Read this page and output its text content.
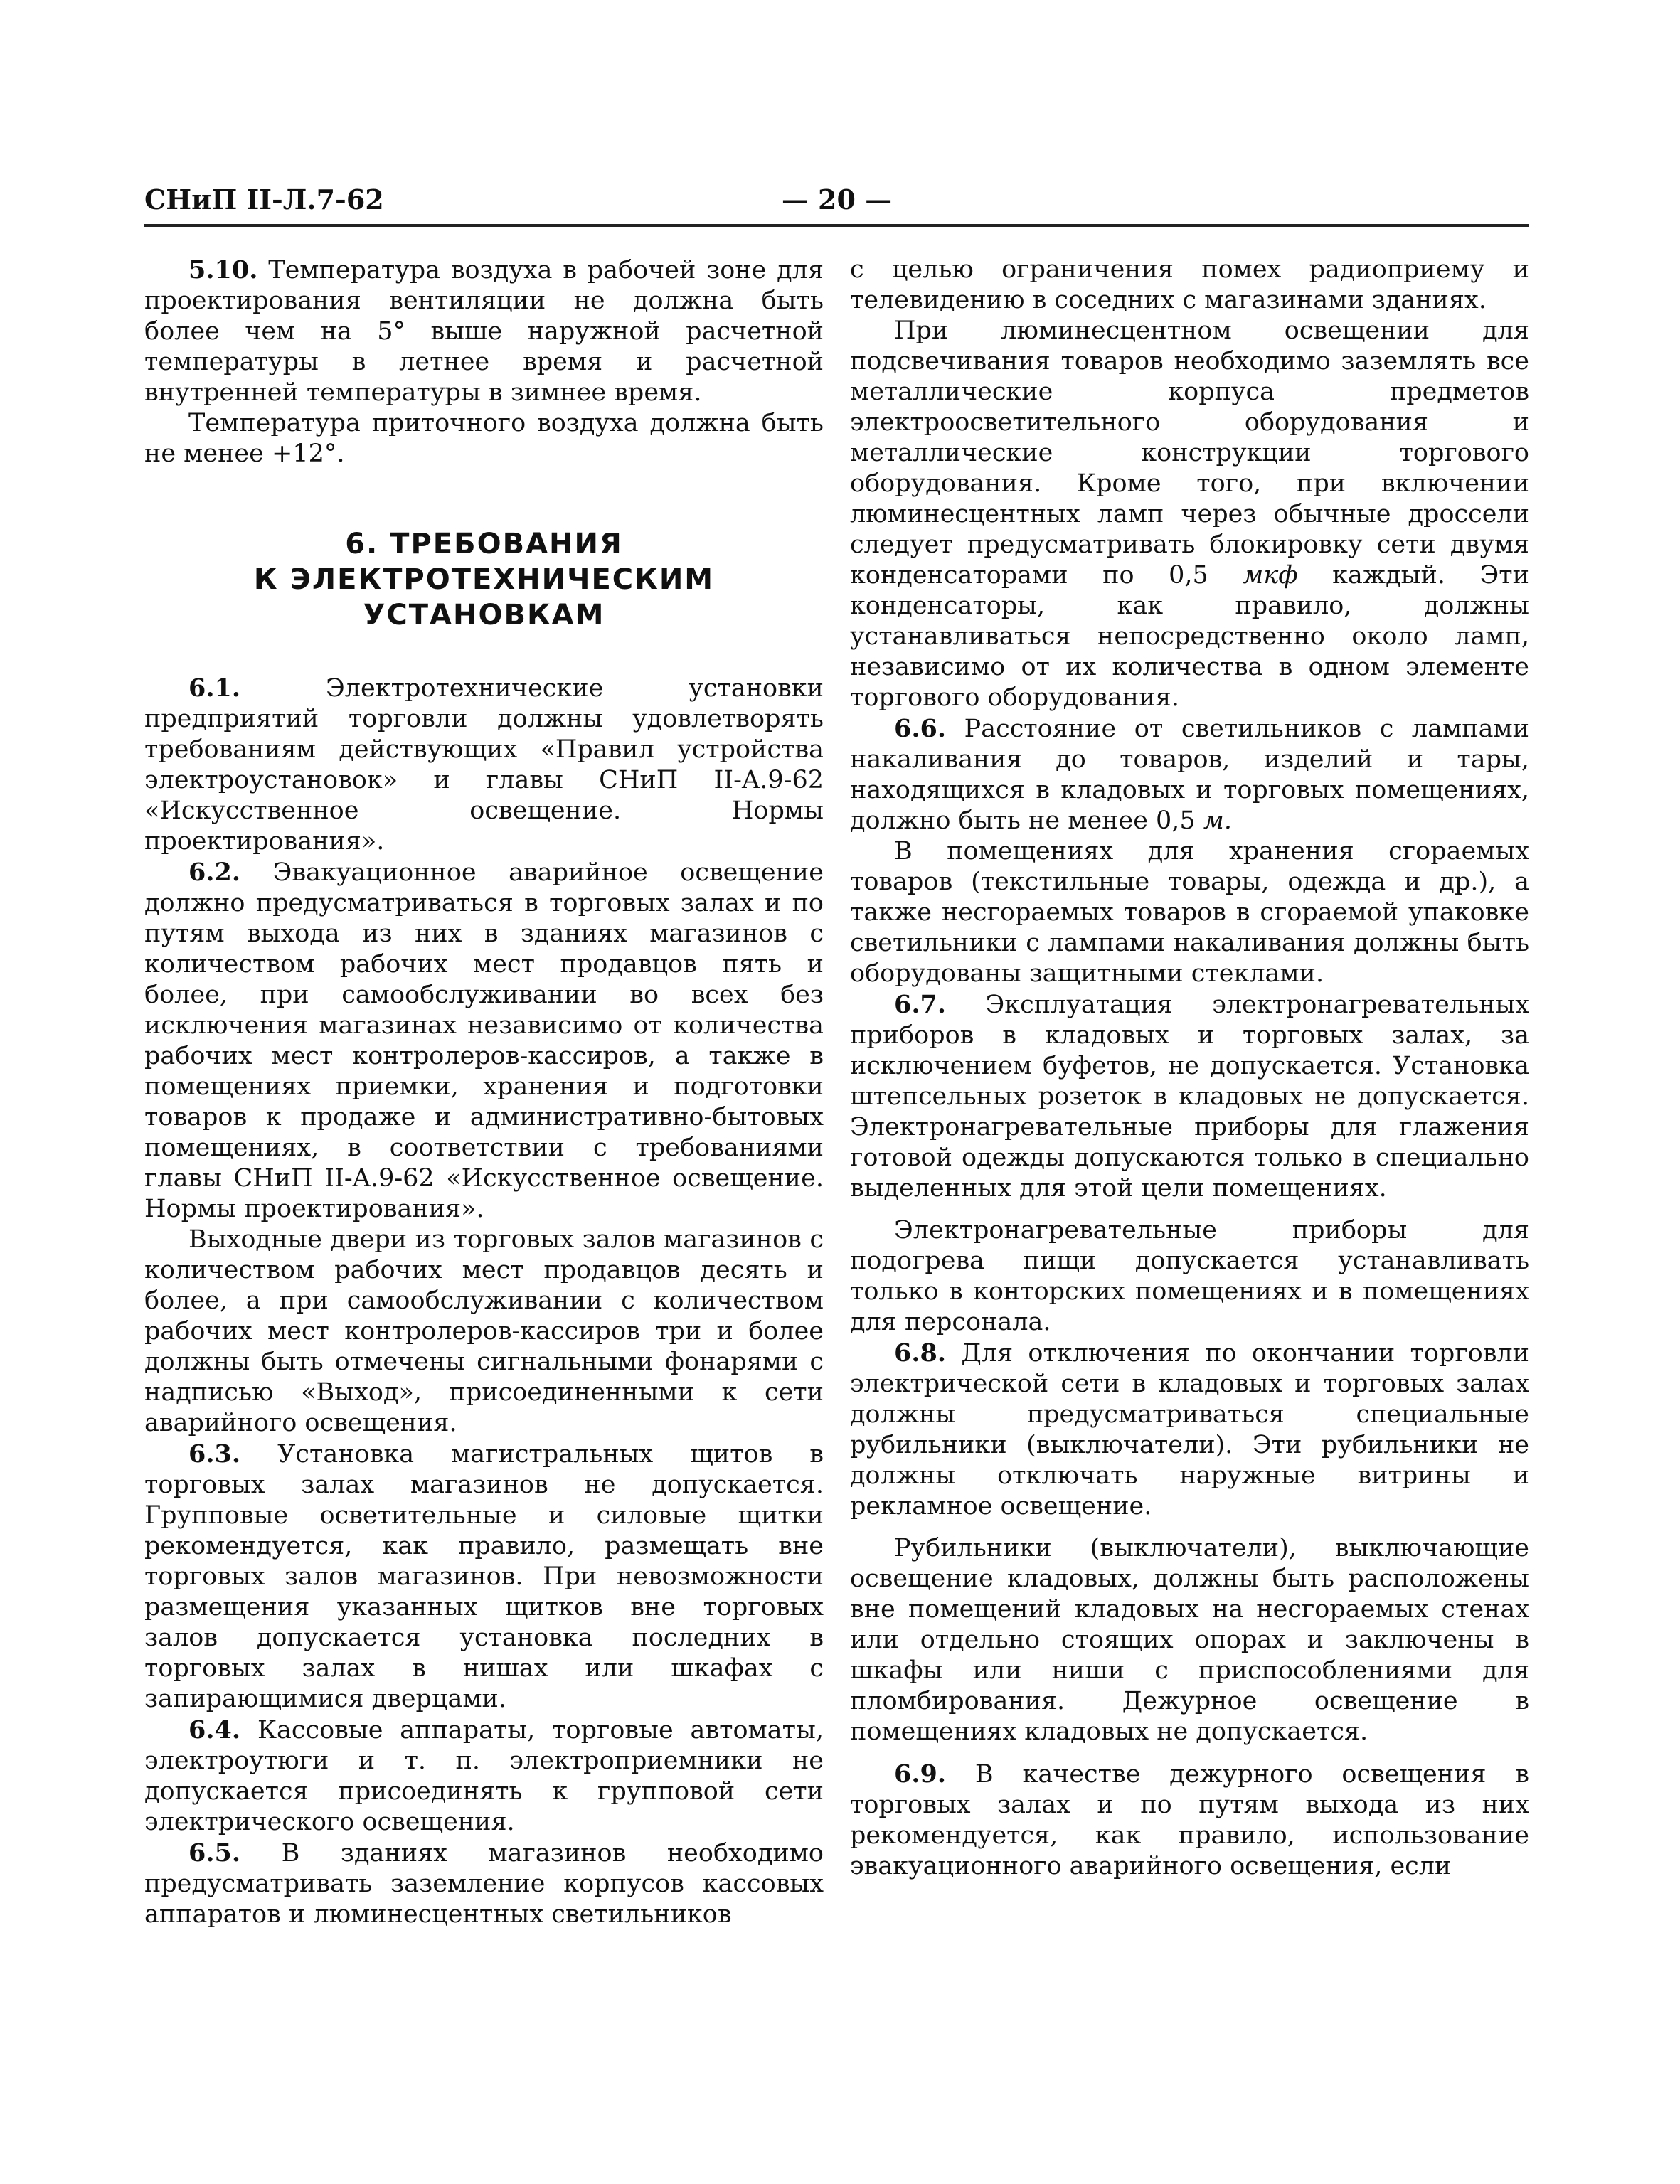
СНиП II-Л.7-62	— 20 —

5.10. Температура воздуха в рабочей зоне для проектирования вентиляции не должна быть более чем на 5° выше наружной расчетной температуры в летнее время и расчетной внутренней температуры в зимнее время.

Температура приточного воздуха должна быть не менее +12°.

6. ТРЕБОВАНИЯ
К ЭЛЕКТРОТЕХНИЧЕСКИМ
УСТАНОВКАМ

6.1. Электротехнические установки предприятий торговли должны удовлетворять требованиям действующих «Правил устройства электроустановок» и главы СНиП II-A.9-62 «Искусственное освещение. Нормы проектирования».

6.2. Эвакуационное аварийное освещение должно предусматриваться в торговых залах и по путям выхода из них в зданиях магазинов с количеством рабочих мест продавцов пять и более, при самообслуживании во всех без исключения магазинах независимо от количества рабочих мест контролеров-кассиров, а также в помещениях приемки, хранения и подготовки товаров к продаже и административно-бытовых помещениях, в соответствии с требованиями главы СНиП II-A.9-62 «Искусственное освещение. Нормы проектирования».

Выходные двери из торговых залов магазинов с количеством рабочих мест продавцов десять и более, а при самообслуживании с количеством рабочих мест контролеров-кассиров три и более должны быть отмечены сигнальными фонарями с надписью «Выход», присоединенными к сети аварийного освещения.

6.3. Установка магистральных щитов в торговых залах магазинов не допускается. Групповые осветительные и силовые щитки рекомендуется, как правило, размещать вне торговых залов магазинов. При невозможности размещения указанных щитков вне торговых залов допускается установка последних в торговых залах в нишах или шкафах с запирающимися дверцами.

6.4. Кассовые аппараты, торговые автоматы, электроутюги и т. п. электроприемники не допускается присоединять к групповой сети электрического освещения.

6.5. В зданиях магазинов необходимо предусматривать заземление корпусов кассовых аппаратов и люминесцентных светильников

с целью ограничения помех радиоприему и телевидению в соседних с магазинами зданиях.

При люминесцентном освещении для подсвечивания товаров необходимо заземлять все металлические корпуса предметов электроосветительного оборудования и металлические конструкции торгового оборудования. Кроме того, при включении люминесцентных ламп через обычные дроссели следует предусматривать блокировку сети двумя конденсаторами по 0,5 мкф каждый. Эти конденсаторы, как правило, должны устанавливаться непосредственно около ламп, независимо от их количества в одном элементе торгового оборудования.

6.6. Расстояние от светильников с лампами накаливания до товаров, изделий и тары, находящихся в кладовых и торговых помещениях, должно быть не менее 0,5 м.

В помещениях для хранения сгораемых товаров (текстильные товары, одежда и др.), а также несгораемых товаров в сгораемой упаковке светильники с лампами накаливания должны быть оборудованы защитными стеклами.

6.7. Эксплуатация электронагревательных приборов в кладовых и торговых залах, за исключением буфетов, не допускается. Установка штепсельных розеток в кладовых не допускается. Электронагревательные приборы для глажения готовой одежды допускаются только в специально выделенных для этой цели помещениях.

Электронагревательные приборы для подогрева пищи допускается устанавливать только в конторских помещениях и в помещениях для персонала.

6.8. Для отключения по окончании торговли электрической сети в кладовых и торговых залах должны предусматриваться специальные рубильники (выключатели). Эти рубильники не должны отключать наружные витрины и рекламное освещение.

Рубильники (выключатели), выключающие освещение кладовых, должны быть расположены вне помещений кладовых на несгораемых стенах или отдельно стоящих опорах и заключены в шкафы или ниши с приспособлениями для пломбирования. Дежурное освещение в помещениях кладовых не допускается.

6.9. В качестве дежурного освещения в торговых залах и по путям выхода из них рекомендуется, как правило, использование эвакуационного аварийного освещения, если
